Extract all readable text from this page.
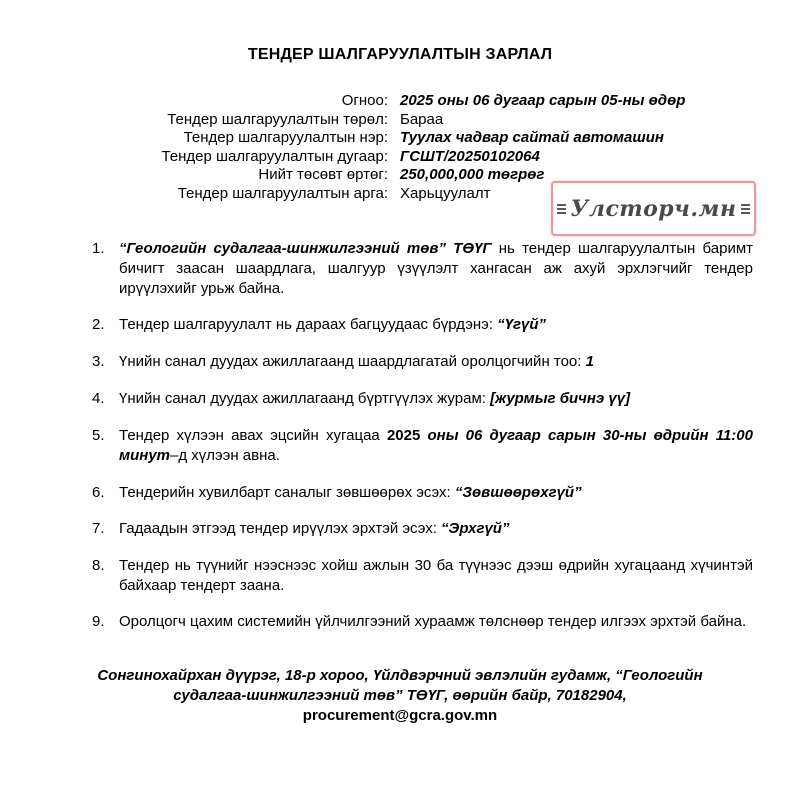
ТЕНДЕР ШАЛГАРУУЛАЛТЫН ЗАРЛАЛ
Огноо: 2025 оны 06 дугаар сарын 05-ны өдөр
Тендер шалгаруулалтын төрөл: Бараа
Тендер шалгаруулалтын нэр: Туулах чадвар сайтай автомашин
Тендер шалгаруулалтын дугаар: ГСШТ/20250102064
Нийт төсөвт өртөг: 250,000,000 төгрөг
Тендер шалгаруулалтын арга: Харьцуулалт
Улсторч.мн
1. “Геологийн судалгаа-шинжилгээний төв” ТӨҮГ нь тендер шалгаруулалтын баримт бичигт заасан шаардлага, шалгуур үзүүлэлт хангасан аж ахуй эрхлэгчийг тендер ирүүлэхийг урьж байна.
2. Тендер шалгаруулалт нь дараах багцуудаас бүрдэнэ: “Үгүй”
3. Үнийн санал дуудах ажиллагаанд шаардлагатай оролцогчийн тоо: 1
4. Үнийн санал дуудах ажиллагаанд бүртгүүлэх журам: [журмыг бичнэ үү]
5. Тендер хүлээн авах эцсийн хугацаа 2025 оны 06 дугаар сарын 30-ны өдрийн 11:00 минут–д хүлээн авна.
6. Тендерийн хувилбарт саналыг зөвшөөрөх эсэх: “Зөвшөөрөхгүй”
7. Гадаадын этгээд тендер ирүүлэх эрхтэй эсэх: “Эрхгүй”
8. Тендер нь түүнийг нээснээс хойш ажлын 30 ба түүнээс дээш өдрийн хугацаанд хүчинтэй байхаар тендерт заана.
9. Оролцогч цахим системийн үйлчилгээний хураамж төлснөөр тендер илгээх эрхтэй байна.
Сонгинохайрхан дүүрэг, 18-р хороо, Үйлдвэрчний эвлэлийн гудамж, “Геологийн
судалгаа-шинжилгээний төв” ТӨҮГ, өөрийн байр, 70182904,
procurement@gcra.gov.mn
